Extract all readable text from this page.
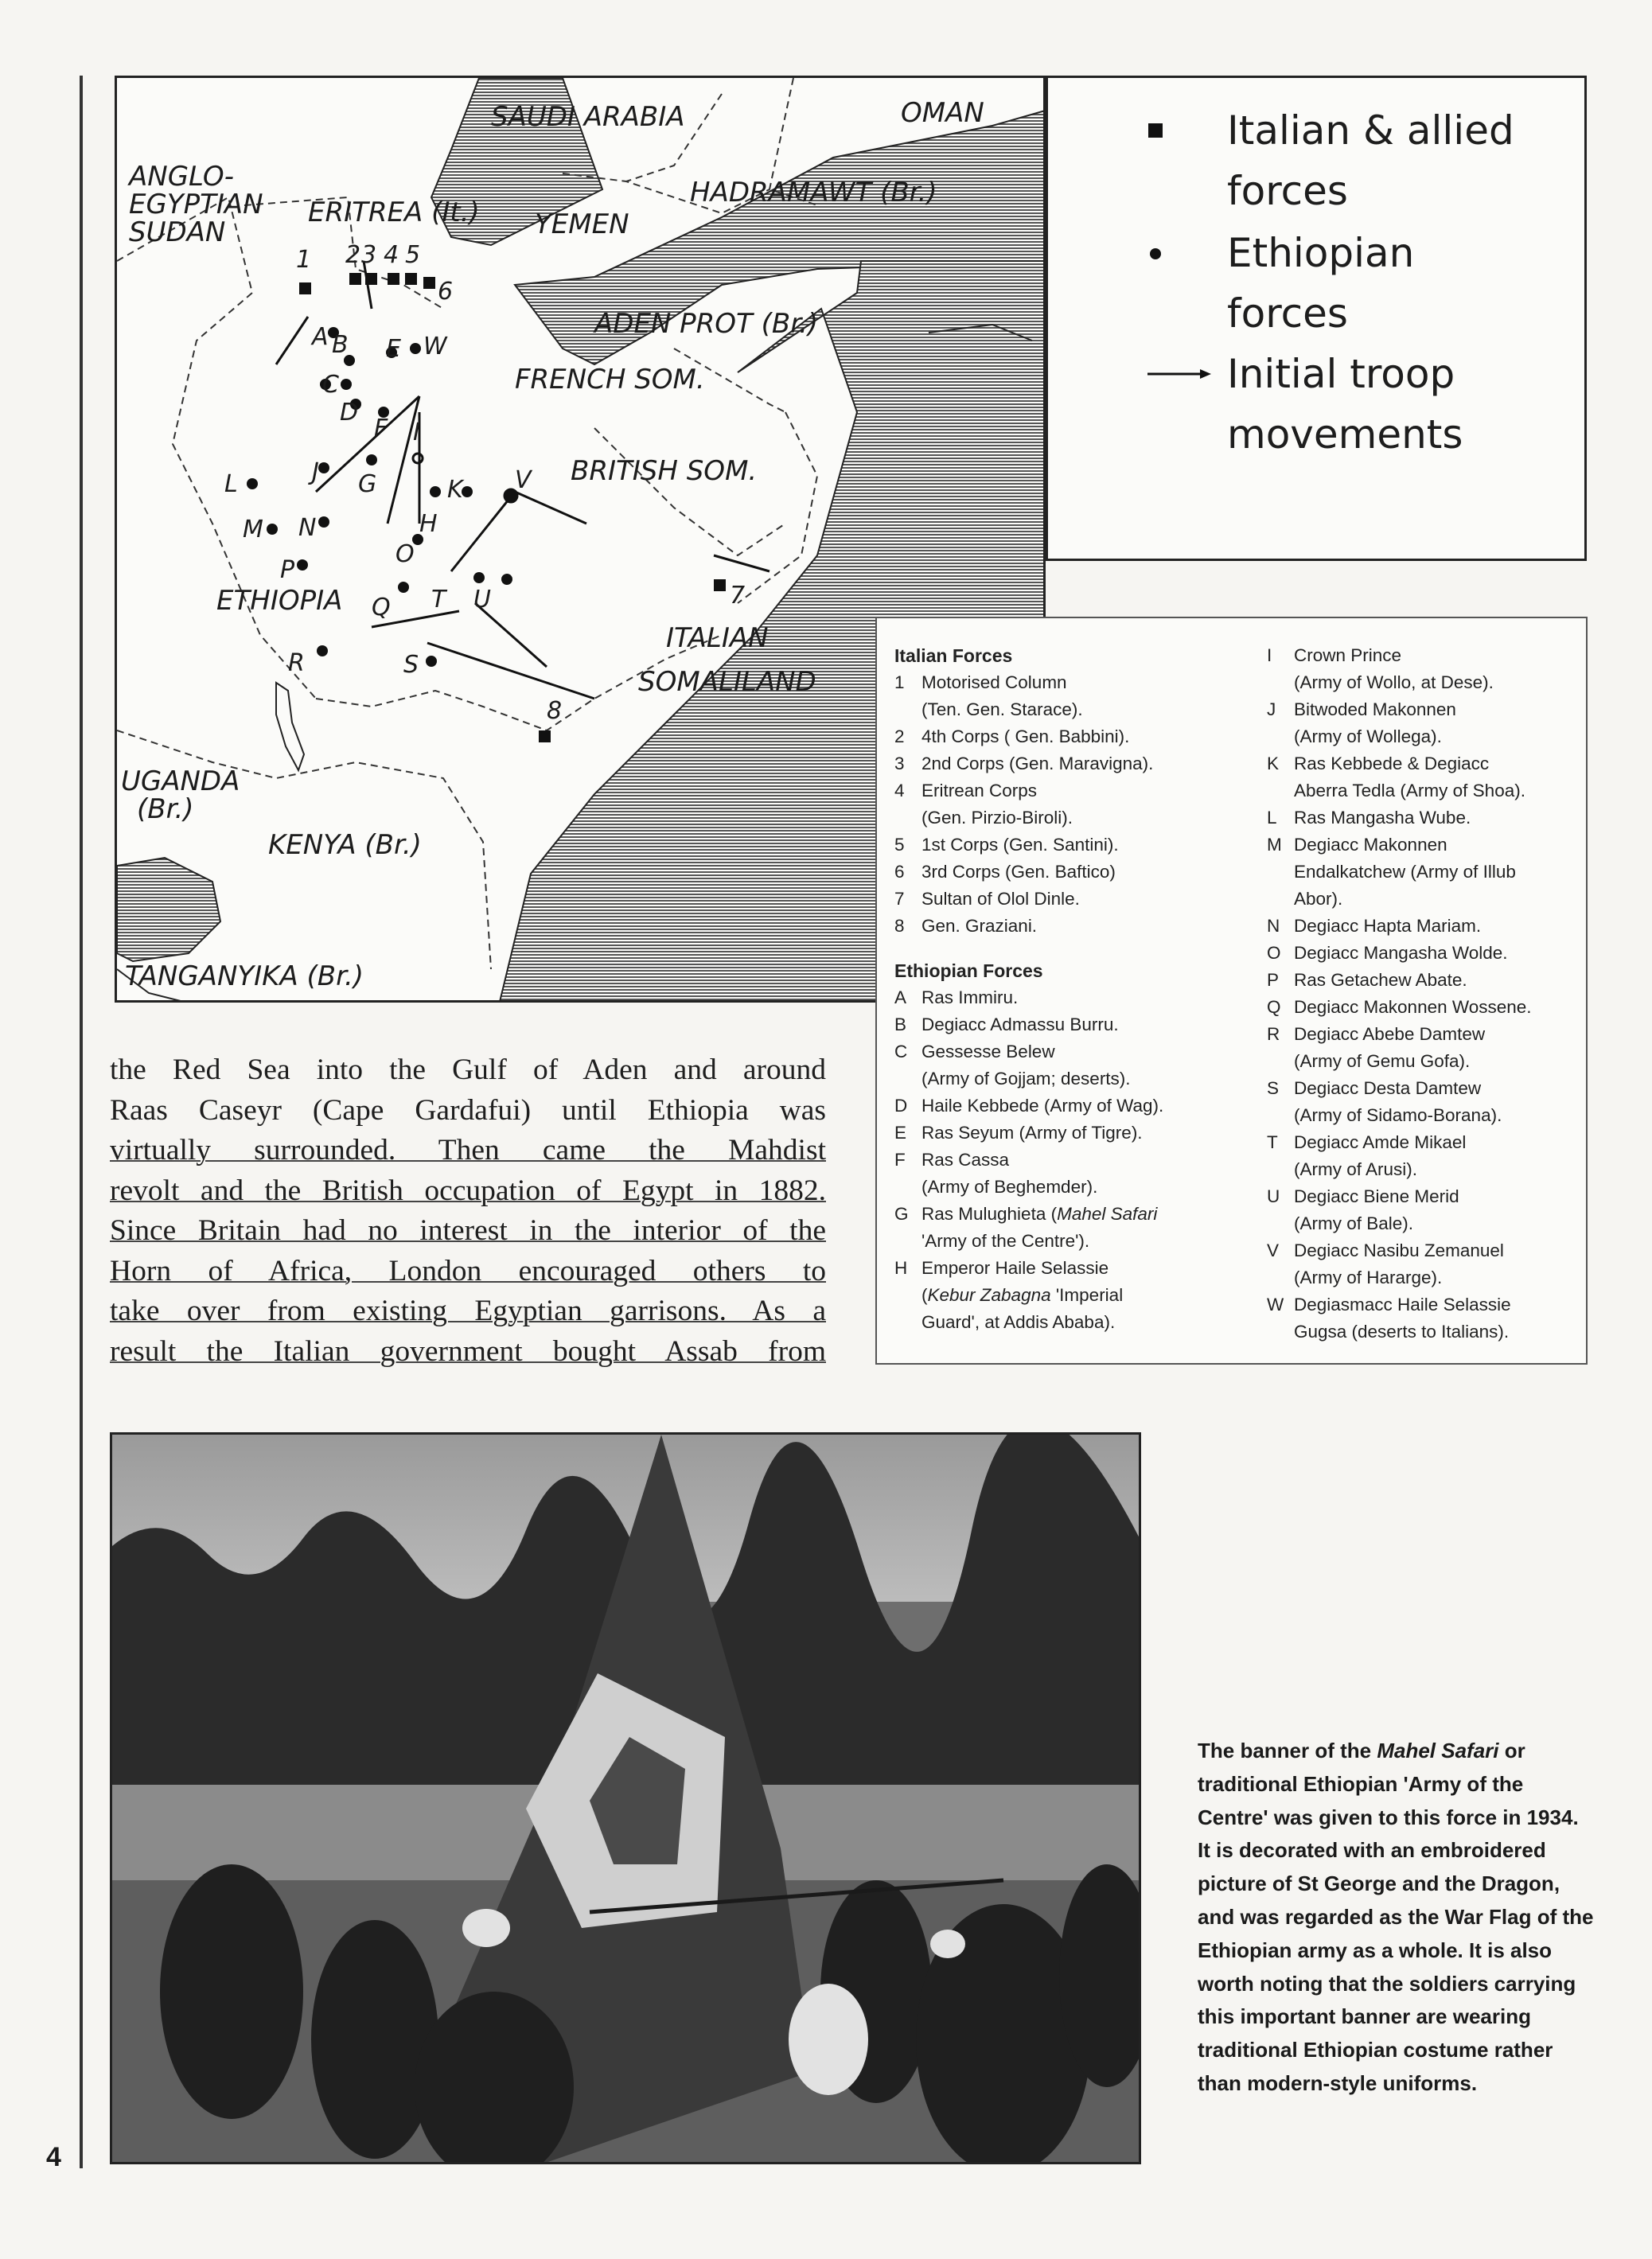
1 2 3 4 5
6
7
8
A B
C
D
E
F
G
H
I
J
K
L
M N
O
P
Q
R	S
T U
V
W
SAUDI ARABIA	OMAN
ANGLO-
EGYPTIAN
SUDAN
ERITREA (It.) YEMEN
HADRAMAWT (Br.)
ADEN PROT (Br.)
FRENCH SOM.
BRITISH SOM.
ETHIOPIA
ITALIAN
SOMALILAND
UGANDA
(Br.)
KENYA (Br.)
TANGANYIKA (Br.)
Italian & allied
forces
Ethiopian
forces
Initial troop
movements
Italian Forces
1 Motorised Column
(Ten. Gen. Starace).
2 4th Corps ( Gen. Babbini).
3 2nd Corps (Gen. Maravigna).
4 Eritrean Corps
(Gen. Pirzio-Biroli).
5 1st Corps (Gen. Santini).
6 3rd Corps (Gen. Baftico)
7 Sultan of Olol Dinle.
8 Gen. Graziani.
Ethiopian Forces
A Ras Immiru.
B Degiacc Admassu Burru.
C Gessesse Belew
(Army of Gojjam; deserts).
D Haile Kebbede (Army of Wag).
E Ras Seyum (Army of Tigre).
F Ras Cassa
(Army of Beghemder).
G Ras Mulughieta (Mahel Safari
'Army of the Centre').
H Emperor Haile Selassie
(Kebur Zabagna 'Imperial
Guard', at Addis Ababa).
I	Crown Prince
(Army of Wollo, at Dese).
J	Bitwoded Makonnen
(Army of Wollega).
K Ras Kebbede & Degiacc
Aberra Tedla (Army of Shoa).
L Ras Mangasha Wube.
M Degiacc Makonnen
Endalkatchew (Army of Illub
Abor).
N Degiacc Hapta Mariam.
O Degiacc Mangasha Wolde.
P Ras Getachew Abate.
Q Degiacc Makonnen Wossene.
R Degiacc Abebe Damtew
(Army of Gemu Gofa).
S Degiacc Desta Damtew
(Army of Sidamo-Borana).
T Degiacc Amde Mikael
(Army of Arusi).
U Degiacc Biene Merid
(Army of Bale).
V Degiacc Nasibu Zemanuel
(Army of Hararge).
W Degiasmacc Haile Selassie
Gugsa (deserts to Italians).
the Red Sea into the Gulf of Aden and around
Raas Caseyr (Cape Gardafui) until Ethiopia was
virtually surrounded. Then came the Mahdist
revolt and the British occupation of Egypt in 1882.
Since Britain had no interest in the interior of the
Horn of Africa, London encouraged others to
take over from existing Egyptian garrisons. As a
result the Italian government bought Assab from
The banner of the Mahel Safari or traditional Ethiopian 'Army of the Centre' was given to this force in 1934. It is decorated with an embroidered picture of St George and the Dragon, and was regarded as the War Flag of the Ethiopian army as a whole. It is also worth noting that the soldiers carrying this important banner are wearing traditional Ethiopian costume rather than modern-style uniforms.
4
